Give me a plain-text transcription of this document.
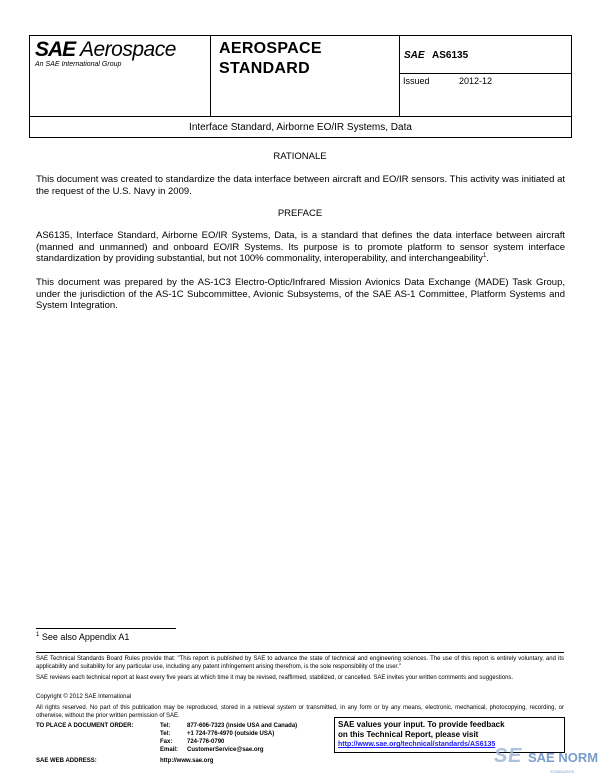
SAE Aerospace
An SAE International Group
AEROSPACE
STANDARD
SAE AS6135
Issued	2012-12
Interface Standard, Airborne EO/IR Systems, Data
RATIONALE
This document was created to standardize the data interface between aircraft and EO/IR sensors. This activity was initiated at the request of the U.S. Navy in 2009.
PREFACE
AS6135, Interface Standard, Airborne EO/IR Systems, Data, is a standard that defines the data interface between aircraft (manned and unmanned) and onboard EO/IR Systems. Its purpose is to promote platform to sensor system interface standardization by providing substantial, but not 100% commonality, interoperability, and interchangeability$^1$.
This document was prepared by the AS-1C3 Electro-Optic/Infrared Mission Avionics Data Exchange (MADE) Task Group, under the jurisdiction of the AS-1C Subcommittee, Avionic Subsystems, of the SAE AS-1 Committee, Platform Systems and System Integration.
$^1$ See also Appendix A1
SAE Technical Standards Board Rules provide that: "This report is published by SAE to advance the state of technical and engineering sciences. The use of this report is entirely voluntary, and its applicability and suitability for any particular use, including any patent infringement arising therefrom, is the sole responsibility of the user."
SAE reviews each technical report at least every five years at which time it may be revised, reaffirmed, stabilized, or cancelled. SAE invites your written comments and suggestions.
Copyright © 2012 SAE International
All rights reserved. No part of this publication may be reproduced, stored in a retrieval system or transmitted, in any form or by any means, electronic, mechanical, photocopying, recording, or otherwise, without the prior written permission of SAE.
TO PLACE A DOCUMENT ORDER:	Tel:	877-606-7323 (inside USA and Canada)
Tel:	+1 724-776-4970 (outside USA)
Fax: 724-776-0790
Email: CustomerService@sae.org
SAE WEB ADDRESS:	http://www.sae.org
SAE values your input. To provide feedback
on this Technical Report, please visit
http://www.sae.org/technical/standards/AS6135
S E SAE NORM
STANDARDS
